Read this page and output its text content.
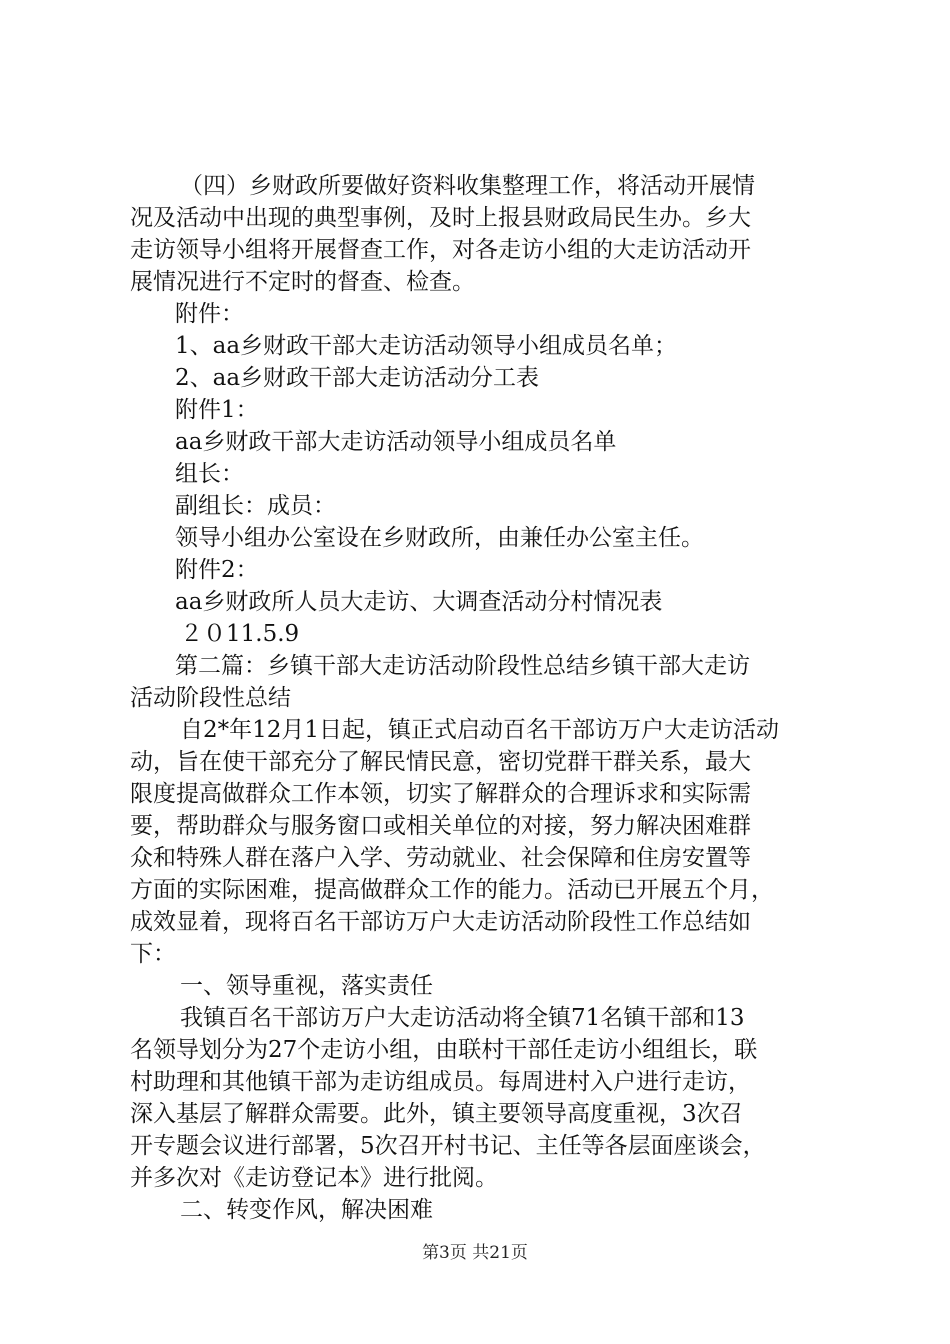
（四）乡财政所要做好资料收集整理工作，将活动开展情
况及活动中出现的典型事例，及时上报县财政局民生办。乡大
走访领导小组将开展督查工作，对各走访小组的大走访活动开
展情况进行不定时的督查、检查。
附件：
1、aa乡财政干部大走访活动领导小组成员名单；
2、aa乡财政干部大走访活动分工表
附件1：
aa乡财政干部大走访活动领导小组成员名单
组长：
副组长：成员：
领导小组办公室设在乡财政所，由兼任办公室主任。
附件2：
aa乡财政所人员大走访、大调查活动分村情况表
２０11.5.9
第二篇：乡镇干部大走访活动阶段性总结乡镇干部大走访
活动阶段性总结
自2*年12月1日起，镇正式启动百名干部访万户大走访活动
动，旨在使干部充分了解民情民意，密切党群干群关系，最大
限度提高做群众工作本领，切实了解群众的合理诉求和实际需
要，帮助群众与服务窗口或相关单位的对接，努力解决困难群
众和特殊人群在落户入学、劳动就业、社会保障和住房安置等
方面的实际困难，提高做群众工作的能力。活动已开展五个月，
成效显着，现将百名干部访万户大走访活动阶段性工作总结如
下：
一、领导重视，落实责任
我镇百名干部访万户大走访活动将全镇71名镇干部和13
名领导划分为27个走访小组，由联村干部任走访小组组长，联
村助理和其他镇干部为走访组成员。每周进村入户进行走访，
深入基层了解群众需要。此外，镇主要领导高度重视，3次召
开专题会议进行部署，5次召开村书记、主任等各层面座谈会，
并多次对《走访登记本》进行批阅。
二、转变作风，解决困难
第3页 共21页
